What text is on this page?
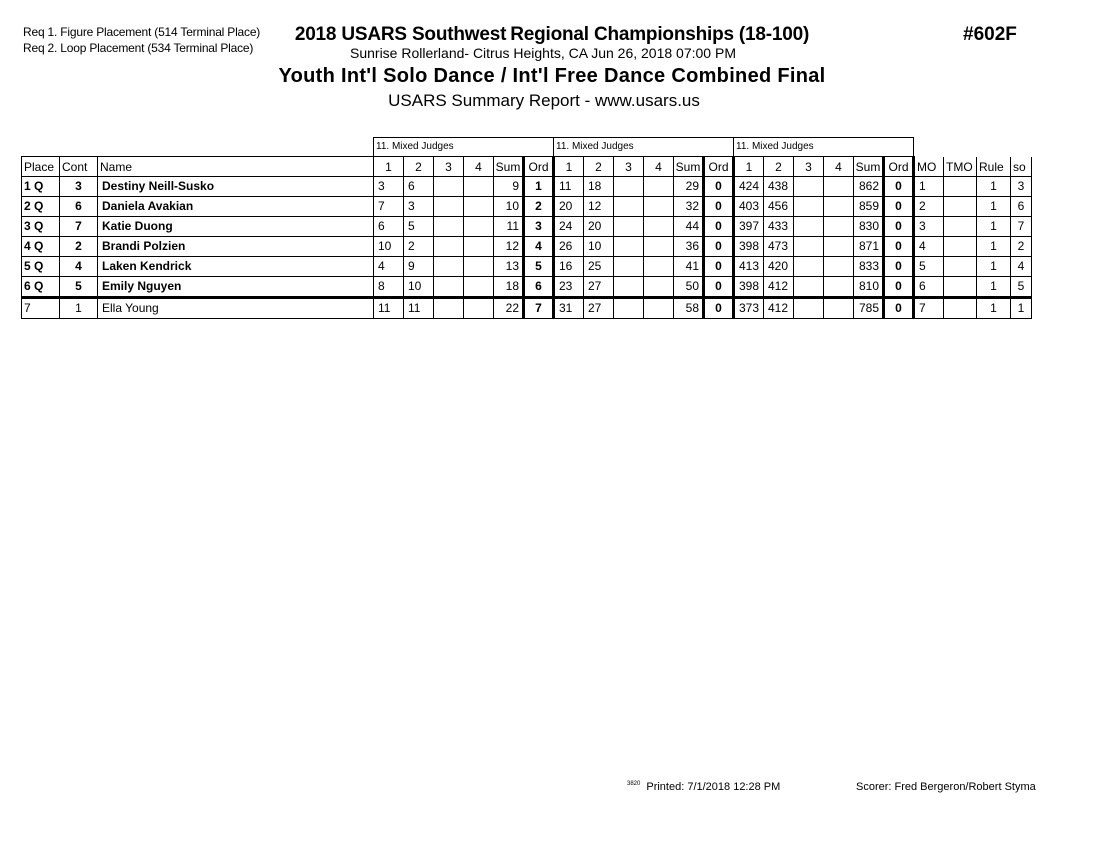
Req 1. Figure Placement (514 Terminal Place)
Req 2. Loop Placement (534 Terminal Place)
2018 USARS Southwest Regional Championships (18-100)	#602F
Sunrise Rollerland- Citrus Heights, CA Jun 26, 2018 07:00 PM
Youth Int'l Solo Dance / Int'l Free Dance Combined Final
USARS Summary Report - www.usars.us
			11. Mixed Judges						11. Mixed Judges						11. Mixed Judges									
Place	Cont	Name	1	2	3	4	Sum	Ord	1	2	3	4	Sum	Ord	1	2	3	4	Sum	Ord	MO	TMO	Rule	so
1 Q	3	Destiny Neill-Susko	3	6			9	1	11	18			29	0	424	438			862	0	1		1	3
2 Q	6	Daniela Avakian	7	3			10	2	20	12			32	0	403	456			859	0	2		1	6
3 Q	7	Katie Duong	6	5			11	3	24	20			44	0	397	433			830	0	3		1	7
4 Q	2	Brandi Polzien	10	2			12	4	26	10			36	0	398	473			871	0	4		1	2
5 Q	4	Laken Kendrick	4	9			13	5	16	25			41	0	413	420			833	0	5		1	4
6 Q	5	Emily Nguyen	8	10			18	6	23	27			50	0	398	412			810	0	6		1	5
7	1	Ella Young	11	11			22	7	31	27			58	0	373	412			785	0	7		1	1
$^{3820}$ Printed: 7/1/2018 12:28 PM	Scorer: Fred Bergeron/Robert Styma
